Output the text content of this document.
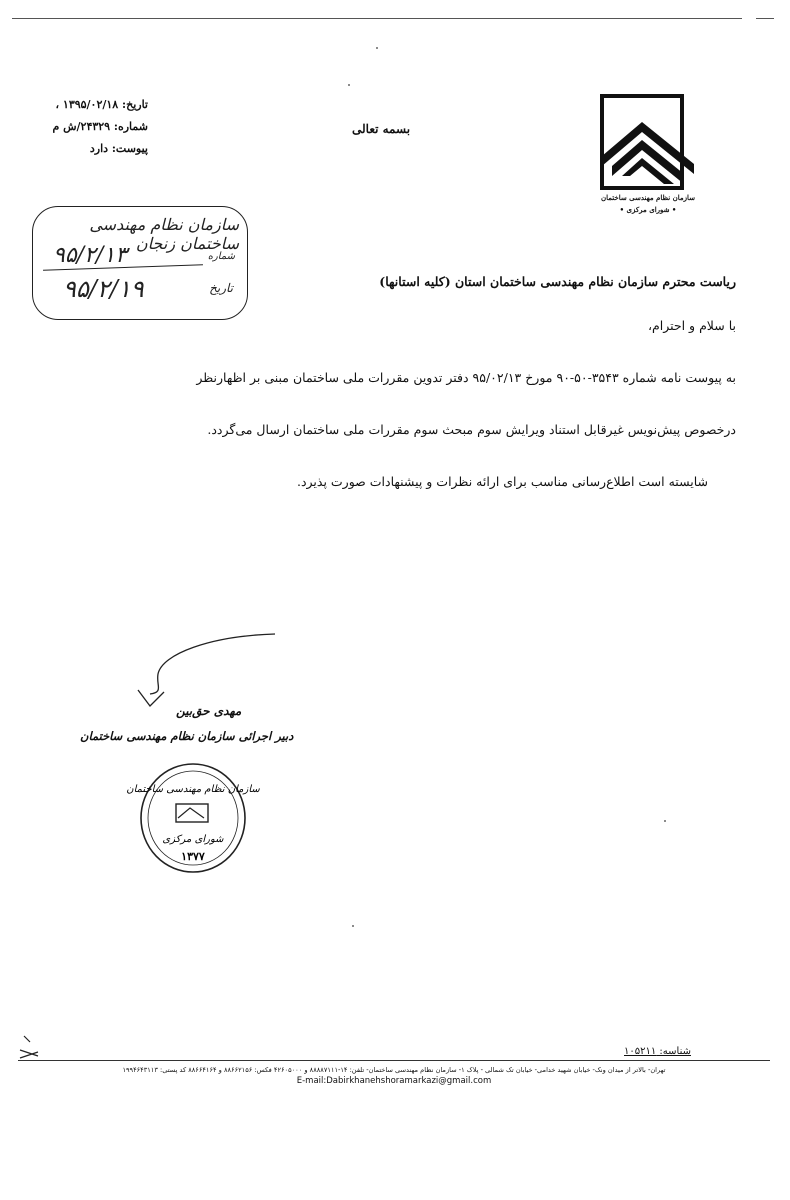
تاریخ: ۱۳۹۵/۰۲/۱۸ ،
شماره: ۲۴۳۲۹/ش م
پیوست: دارد
بسمه تعالی
سازمان نظام مهندسی ساختمان
• شورای مرکزی •
سازمان نظام مهندسی ساختمان زنجان
شماره
۹۵/۲/۱۳
تاریخ
۹۵/۲/۱۹	ریاست محترم سازمان نظام مهندسی ساختمان استان (کلیه استانها)
با سلام و احترام،
به پیوست نامه شماره ۳۵۴۳-۵۰-۹۰ مورخ ۹۵/۰۲/۱۳ دفتر تدوین مقررات ملی ساختمان مبنی بر اظهارنظر
درخصوص پیش‌نویس غیرقابل استناد ویرایش سوم مبحث سوم مقررات ملی ساختمان ارسال می‌گردد.
شایسته است اطلاع‌رسانی مناسب برای ارائه نظرات و پیشنهادات صورت پذیرد.
مهدی حق‌بین
دبیر اجرائی سازمان نظام مهندسی ساختمان
سازمان نظام مهندسی ساختمان
شورای مرکزی
۱۳۷۷
شناسه: ۱۰۵۲۱۱
تهران- بالاتر از میدان ونک- خیابان شهید خدامی- خیابان تک شمالی - پلاک ۱- سازمان نظام مهندسی ساختمان- تلفن: ۱۴-۸۸۸۸۷۱۱۱ و ۴۲۶۰۵۰۰۰ فکس: ۸۸۶۶۲۱۵۶ و ۸۸۶۶۴۱۶۴ کد پستی: ۱۹۹۴۶۴۳۱۱۳
E-mail:Dabirkhanehshoramarkazi@gmail.com
